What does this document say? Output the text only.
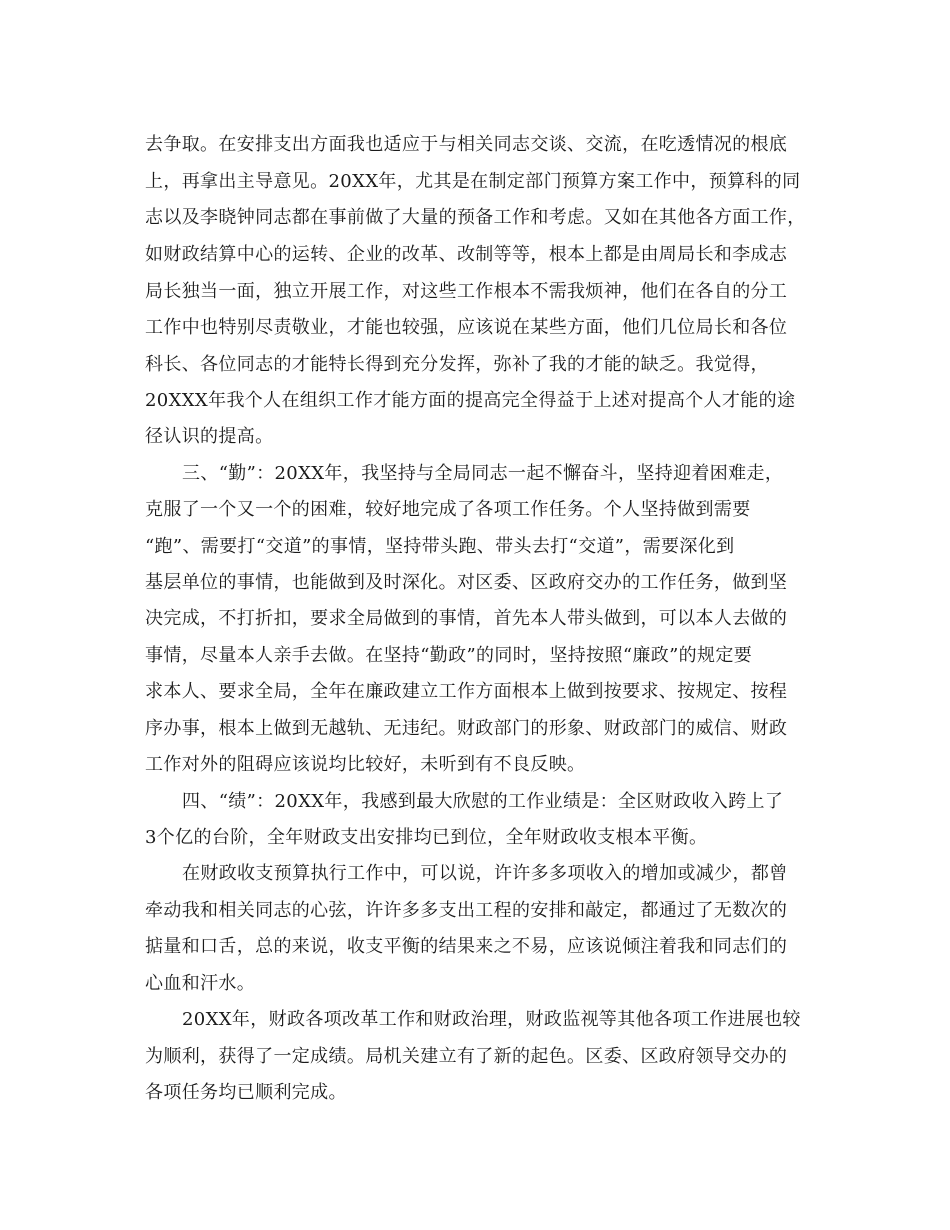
去争取。在安排支出方面我也适应于与相关同志交谈、交流，在吃透情况的根底
上，再拿出主导意见。20XX年，尤其是在制定部门预算方案工作中，预算科的同
志以及李晓钟同志都在事前做了大量的预备工作和考虑。又如在其他各方面工作，
如财政结算中心的运转、企业的改革、改制等等，根本上都是由周局长和李成志
局长独当一面，独立开展工作，对这些工作根本不需我烦神，他们在各自的分工
工作中也特别尽责敬业，才能也较强，应该说在某些方面，他们几位局长和各位
科长、各位同志的才能特长得到充分发挥，弥补了我的才能的缺乏。我觉得，
20XXX年我个人在组织工作才能方面的提高完全得益于上述对提高个人才能的途
径认识的提高。
三、“勤”：20XX年，我坚持与全局同志一起不懈奋斗，坚持迎着困难走，
克服了一个又一个的困难，较好地完成了各项工作任务。个人坚持做到需要
“跑”、需要打“交道”的事情，坚持带头跑、带头去打“交道”，需要深化到
基层单位的事情，也能做到及时深化。对区委、区政府交办的工作任务，做到坚
决完成，不打折扣，要求全局做到的事情，首先本人带头做到，可以本人去做的
事情，尽量本人亲手去做。在坚持“勤政”的同时，坚持按照“廉政”的规定要
求本人、要求全局，全年在廉政建立工作方面根本上做到按要求、按规定、按程
序办事，根本上做到无越轨、无违纪。财政部门的形象、财政部门的威信、财政
工作对外的阻碍应该说均比较好，未听到有不良反映。
四、“绩”：20XX年，我感到最大欣慰的工作业绩是：全区财政收入跨上了
3个亿的台阶，全年财政支出安排均已到位，全年财政收支根本平衡。
在财政收支预算执行工作中，可以说，许许多多项收入的增加或减少，都曾
牵动我和相关同志的心弦，许许多多支出工程的安排和敲定，都通过了无数次的
掂量和口舌，总的来说，收支平衡的结果来之不易，应该说倾注着我和同志们的
心血和汗水。
20XX年，财政各项改革工作和财政治理，财政监视等其他各项工作进展也较
为顺利，获得了一定成绩。局机关建立有了新的起色。区委、区政府领导交办的
各项任务均已顺利完成。
